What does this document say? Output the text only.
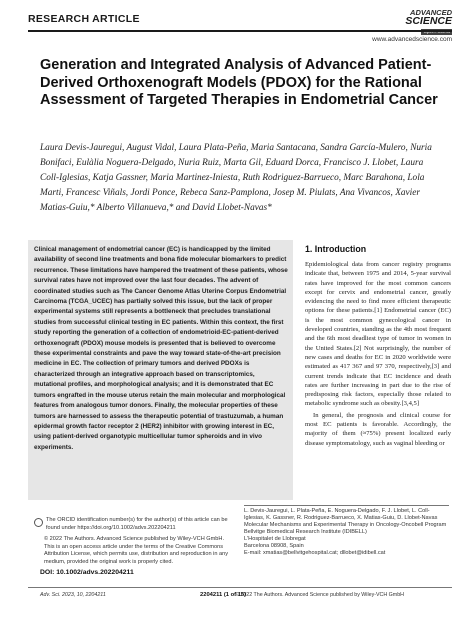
RESEARCH ARTICLE
ADVANCED
SCIENCE
www.advancedscience.com
Generation and Integrated Analysis of Advanced Patient-Derived Orthoxenograft Models (PDOX) for the Rational Assessment of Targeted Therapies in Endometrial Cancer
Laura Devis-Jauregui, August Vidal, Laura Plata-Peña, Maria Santacana, Sandra García-Mulero, Nuria Bonifaci, Eulàlia Noguera-Delgado, Nuria Ruiz, Marta Gil, Eduard Dorca, Francisco J. Llobet, Laura Coll-Iglesias, Katja Gassner, Maria Martinez-Iniesta, Ruth Rodriguez-Barrueco, Marc Barahona, Lola Marti, Francesc Viñals, Jordi Ponce, Rebeca Sanz-Pamplona, Josep M. Piulats, Ana Vivancos, Xavier Matias-Guiu,* Alberto Villanueva,* and David Llobet-Navas*
Clinical management of endometrial cancer (EC) is handicapped by the limited availability of second line treatments and bona fide molecular biomarkers to predict recurrence. These limitations have hampered the treatment of these patients, whose survival rates have not improved over the last four decades. The advent of coordinated studies such as The Cancer Genome Atlas Uterine Corpus Endometrial Carcinoma (TCGA_UCEC) has partially solved this issue, but the lack of proper experimental systems still represents a bottleneck that precludes translational studies from successful clinical testing in EC patients. Within this context, the first study reporting the generation of a collection of endometrioid-EC-patient-derived orthoxenograft (PDOX) mouse models is presented that is believed to overcome these experimental constraints and pave the way toward state-of-the-art precision medicine in EC. The collection of primary tumors and derived PDOXs is characterized through an integrative approach based on transcriptomics, mutational profiles, and morphological analysis; and it is demonstrated that EC tumors engrafted in the mouse uterus retain the main molecular and morphological features from analogous tumor donors. Finally, the molecular properties of these tumors are harnessed to assess the therapeutic potential of trastuzumab, a human epidermal growth factor receptor 2 (HER2) inhibitor with growing interest in EC, using patient-derived organotypic multicellular tumor spheroids and in vivo experiments.
1. Introduction

Epidemiological data from cancer registry programs indicate that, between 1975 and 2014, 5-year survival rates have improved for the most common cancers except for cervix and endometrial cancer, greatly evidencing the need to find more efficient therapeutic options for these patients.[1] Endometrial cancer (EC) is the most common gynecological cancer in developed countries, standing as the 4th most frequent and the 6th most deadliest type of tumor in women in the United States.[2] Not surprisingly, the number of new cases and deaths for EC in 2020 worldwide were estimated as 417 367 and 97 370, respectively,[3] and current trends indicate that EC incidence and death rates are further increasing in part due to the rise of predisposing risk factors, especially those related to metabolic syndrome such as obesity.[3,4,5]

In general, the prognosis and clinical course for most EC patients is favorable. Accordingly, the majority of them (≈75%) present localized early disease symptomatology, such as vaginal bleeding or

The ORCID identification number(s) for the author(s) of this article can be found under https://doi.org/10.1002/advs.202204211
© 2022 The Authors. Advanced Science published by Wiley-VCH GmbH. This is an open access article under the terms of the Creative Commons Attribution License, which permits use, distribution and reproduction in any medium, provided the original work is properly cited.
DOI: 10.1002/advs.202204211
L. Devis-Jauregui, L. Plata-Peña, E. Noguera-Delgado, F. J. Llobet, L. Coll-Iglesias, K. Gassner, R. Rodriguez-Barrueco, X. Matias-Guiu, D. Llobet-Navas
Molecular Mechanisms and Experimental Therapy in Oncology-Oncobell Program
Bellvitge Biomedical Research Institute (IDIBELL)
L'Hospitalet de Llobregat
Barcelona 08908, Spain
E-mail: xmatias@bellvitgehospital.cat; dllobet@idibell.cat
Adv. Sci. 2023, 10, 2204211	2204211 (1 of 15)
© 2022 The Authors. Advanced Science published by Wiley-VCH GmbH
